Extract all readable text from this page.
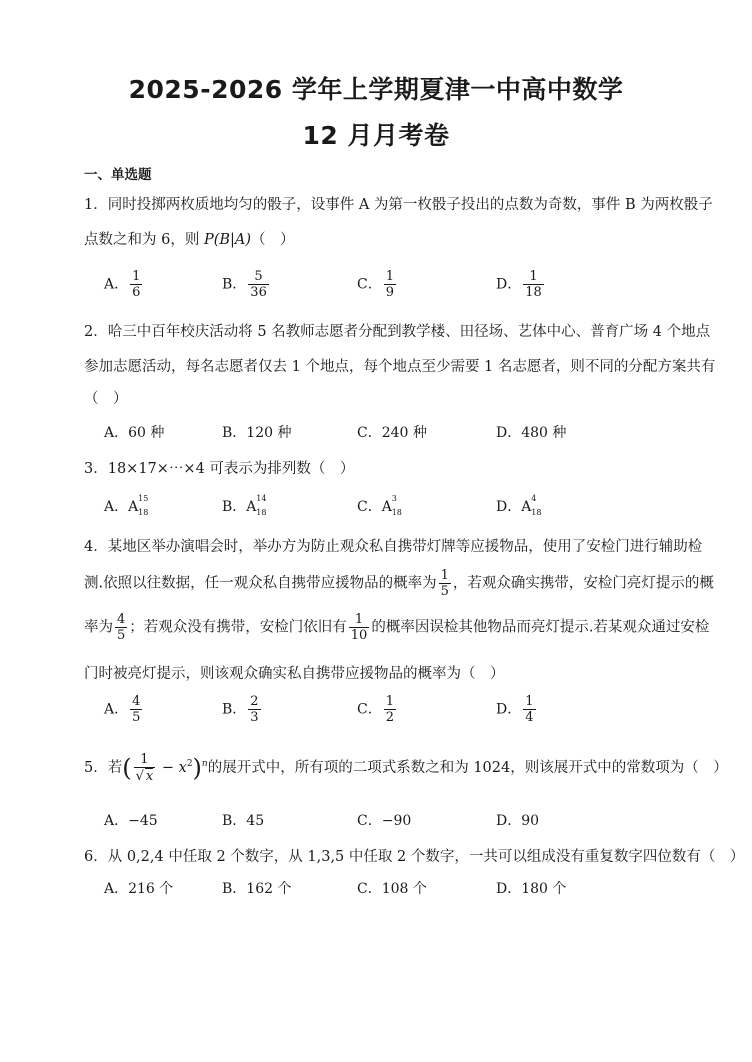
2025-2026 学年上学期夏津一中高中数学
12 月月考卷
一、单选题
1．同时投掷两枚质地均匀的骰子，设事件 A 为第一枚骰子投出的点数为奇数，事件 B 为两枚骰子
点数之和为 6，则 P(B|A)（　）
A． $\frac{1}{6}$	B． $\frac{5}{36}$	C． $\frac{1}{9}$	D． $\frac{1}{18}$
2．哈三中百年校庆活动将 5 名教师志愿者分配到教学楼、田径场、艺体中心、普育广场 4 个地点
参加志愿活动，每名志愿者仅去 1 个地点，每个地点至少需要 1 名志愿者，则不同的分配方案共有
（　）
A．60 种	B．120 种	C．240 种	D．480 种
3．18×17×⋯×4 可表示为排列数（　）
A．A
15
18	B．A
14
18	C．A
3
18	D．A
4
18
4．某地区举办演唱会时，举办方为防止观众私自携带灯牌等应援物品，使用了安检门进行辅助检
测.依照以往数据，任一观众私自携带应援物品的概率为 $\frac{1}{5}$ ，若观众确实携带，安检门亮灯提示的概
率为 $\frac{4}{5}$ ；若观众没有携带，安检门依旧有 $\frac{1}{10}$ 的概率因误检其他物品而亮灯提示.若某观众通过安检
门时被亮灯提示，则该观众确实私自携带应援物品的概率为（　）
A． $\frac{4}{5}$	B． $\frac{2}{3}$	C． $\frac{1}{2}$	D． $\frac{1}{4}$
5．若( $\frac{1}{√ x} - x^2)^n$的展开式中，所有项的二项式系数之和为 1024，则该展开式中的常数项为（　）
A．−45	B．45	C．−90	D．90
6．从 0,2,4 中任取 2 个数字，从 1,3,5 中任取 2 个数字，一共可以组成没有重复数字四位数有（　）
A．216 个	B．162 个	C．108 个	D．180 个
